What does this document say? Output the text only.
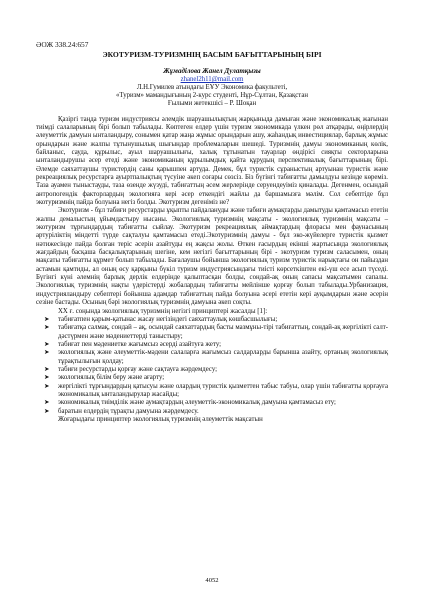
ӘОЖ 338.24:657
ЭКОТУРИЗМ-ТУРИЗМНІҢ БАСЫМ БАҒЫТТАРЫНЫҢ БІРІ
Жұмаділова Жанел Дулатқызы
zhanel2h11@mail.com
Л.Н.Гумилев атындағы ЕҰУ Экономика факультеті,
«Туризм» мамандығының 2-курс студенті, Нұр-Сұлтан, Қазақстан
Ғылыми жетекшісі – Р. Шоқан

Қазіргі таңда туризм индустриясы әлемдік шаруашылықтың жарқыныда дамыған және экономикалық жағынан тиімді салаларының бірі болып табылады. Көптеген елдер үшін туризм экономикада үлкен рөл атқарады, өңірлердің әлеуметтік дамуын ынталандыру, сонымен қатар жаңа жұмыс орындарын ашу, жаһандық инвестициялар, барлық жұмыс орындарын және жалпы тұтынушылық шығындар проблемаларын шешеді. Туризмнің дамуы экономиканың көлік, байланыс, сауда, құрылыс, ауыл шаруашылығы, халық тұтынатын тауарлар өндірісі сияқты секторларына ынталандырушы әсер етеді және экономиканың құрылымдық қайта құрудың перспективалық бағыттарының бірі. Әлемде саяхаттаушы туристердің саны қарышпен артуда. Демек, бұл туристік сұраныстың артуынан туристік және рекреациялық ресурстарға ауыртпалықтың түсуіне әкеп соғары сөзсіз. Біз бүгінгі табиғатты дамылдуы кезінде көреміз. Таза ауамен тыныстауды, таза өзенде жүзуді, табиғаттың әсем жерлерінде серуендеуіміз қиналады. Дегенмен, осындай антропогендік факторлардың экологияға кері әсер еткендігі жайлы да баршамызға мәлім. Сол себептіде бұл экотуризмнің пайда болуына негіз болды. Экотуризм дегеніміз не?

Экотуризм - бұл табиғи ресурстарды ұқыпты пайдалануды және табиғи аумақтарды дамытуды қамтамасыз ететін жалпы демалыстың ұйымдастыру нысаны. Экологиялық туризмнің мақсаты - экологиялық туризмнің мақсаты – экотуризм тұрғындардың табиғатты сыйлау. Экотуризм рекреациялық аймақтардың флорасы мен фаунасының артуріліктің міндетті түрде сақталуы қамтамасыз етеді.Экотуризмнің дамуы - бұл эко-жүйелерге туристік қызмет нәтижесінде пайда болған теріс әсерін азайтуды ең жақсы жолы. Өткен ғасырдың екінші жартысында экологиялық жағдайдың басқаша басқалықтарының шегіне, кем негізгі бағыттарының бірі - экотуризм туризм саласымен, оның мақсаты табиғатты құрмет болып табылады. Бағалаушы бойынша экологиялық туризм туристік нарықтағы он пайыздан астамын қамтиды, ал оның өсу қарқыны бүкіл туризм индустриясындағы тиісті көрсеткіштен екі-үш есе асып түседі. Бүгінгі күні әлемнің барлық дерлік елдерінде қалыптасқан болды, сондай-ақ оның сапасы мақсатымен сапалы. Экологиялық туризмнің нақты үдерістерді жобалардың табиғатты мейлінше қорғау болып табылады.Урбанизация, индустрияландыру себептері бойынша адамдар табиғаттың пайда болуына әсері ететін кері ауқымдарын және әсерін сезіне бастады. Осының бәрі экологиялық туризмнің дамуына әкеп соқты.

XX ғ. соңында экологиялық туризмнің негізгі принциптері жасалды [1]:

➤ табиғатпен қарым-қатынас жасау негізіндегі саяхаттаулық көшбасшылығы;
➤ табиғатқа салмақ, сондай – ақ, осындай саяхаттардың басты мазмұны-тірі табиғаттың, сондай-ақ жергілікті салт-дәстүрмен және мәдениеттерді таныстыру;
➤ табиғат пен мәдениетке жағымсыз әсерді азайтуға жету;
➤ экологиялық және әлеуметтік-мәдени салаларға жағымсыз салдарларды барынша азайту, ортаның экологиялық тұрақтылығын қолдау;
➤ табиғи ресурстарды қорғау және сақтауға жәрдемдесу;
➤ экологиялық білім беру және ағарту;
➤ жергілікті тұрғындардың қатысуы және олардың туристік қызметтен табыс табуы, олар үшін табиғатты қорғауға экономикалық ынталандырулар жасайды;
➤ экономикалық тиімділік және аумақтардың әлеуметтік-экономикалық дамуына қамтамасыз ету;
➤ баратын елдердің тұрақты дамуына жәрдемдесу.

Жоғарыдағы принциптер экологиялық туризмнің әлеуметтік мақсатын

4052
